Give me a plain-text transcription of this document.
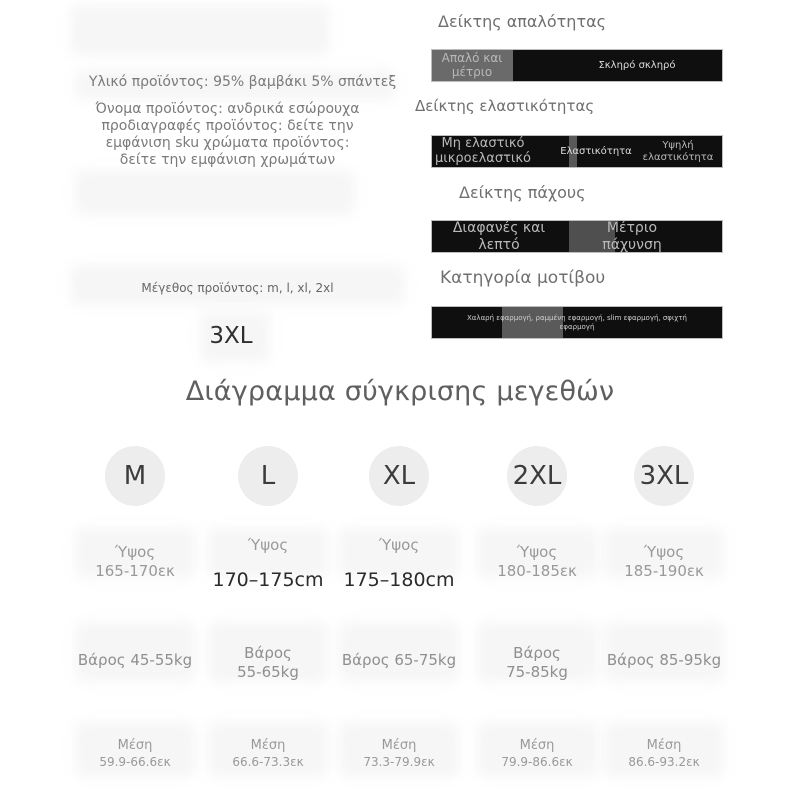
Υλικό προϊόντος: 95% βαμβάκι 5% σπάντεξ
Όνομα προϊόντος: ανδρικά εσώρουχα
προδιαγραφές προϊόντος: δείτε την
εμφάνιση sku χρώματα προϊόντος:
δείτε την εμφάνιση χρωμάτων
Μέγεθος προϊόντος: m, l, xl, 2xl
3XL
Δείκτης απαλότητας
Απαλό και
μέτριο	Σκληρό σκληρό
Δείκτης ελαστικότητας
Μη ελαστικό
μικροελαστικό	Ελαστικότητα
Υψηλή
ελαστικότητα
Δείκτης πάχους
Διαφανές και
λεπτό
Μέτριο
πάχυνση
Κατηγορία μοτίβου
Χαλαρή εφαρμογή, ραμμένη εφαρμογή, slim εφαρμογή, σφιχτή
εφαρμογή
Διάγραμμα σύγκρισης μεγεθών
M
Ύψος
165-170εκ
Βάρος 45-55kg
Μέση
59.9-66.6εκ
L
Ύψος
170–175cm
Βάρος
55-65kg
Μέση
66.6-73.3εκ
XL
Ύψος
175–180cm
Βάρος 65-75kg
Μέση
73.3-79.9εκ
2XL
Ύψος
180-185εκ
Βάρος
75-85kg
Μέση
79.9-86.6εκ
3XL
Ύψος
185-190εκ
Βάρος 85-95kg
Μέση
86.6-93.2εκ
